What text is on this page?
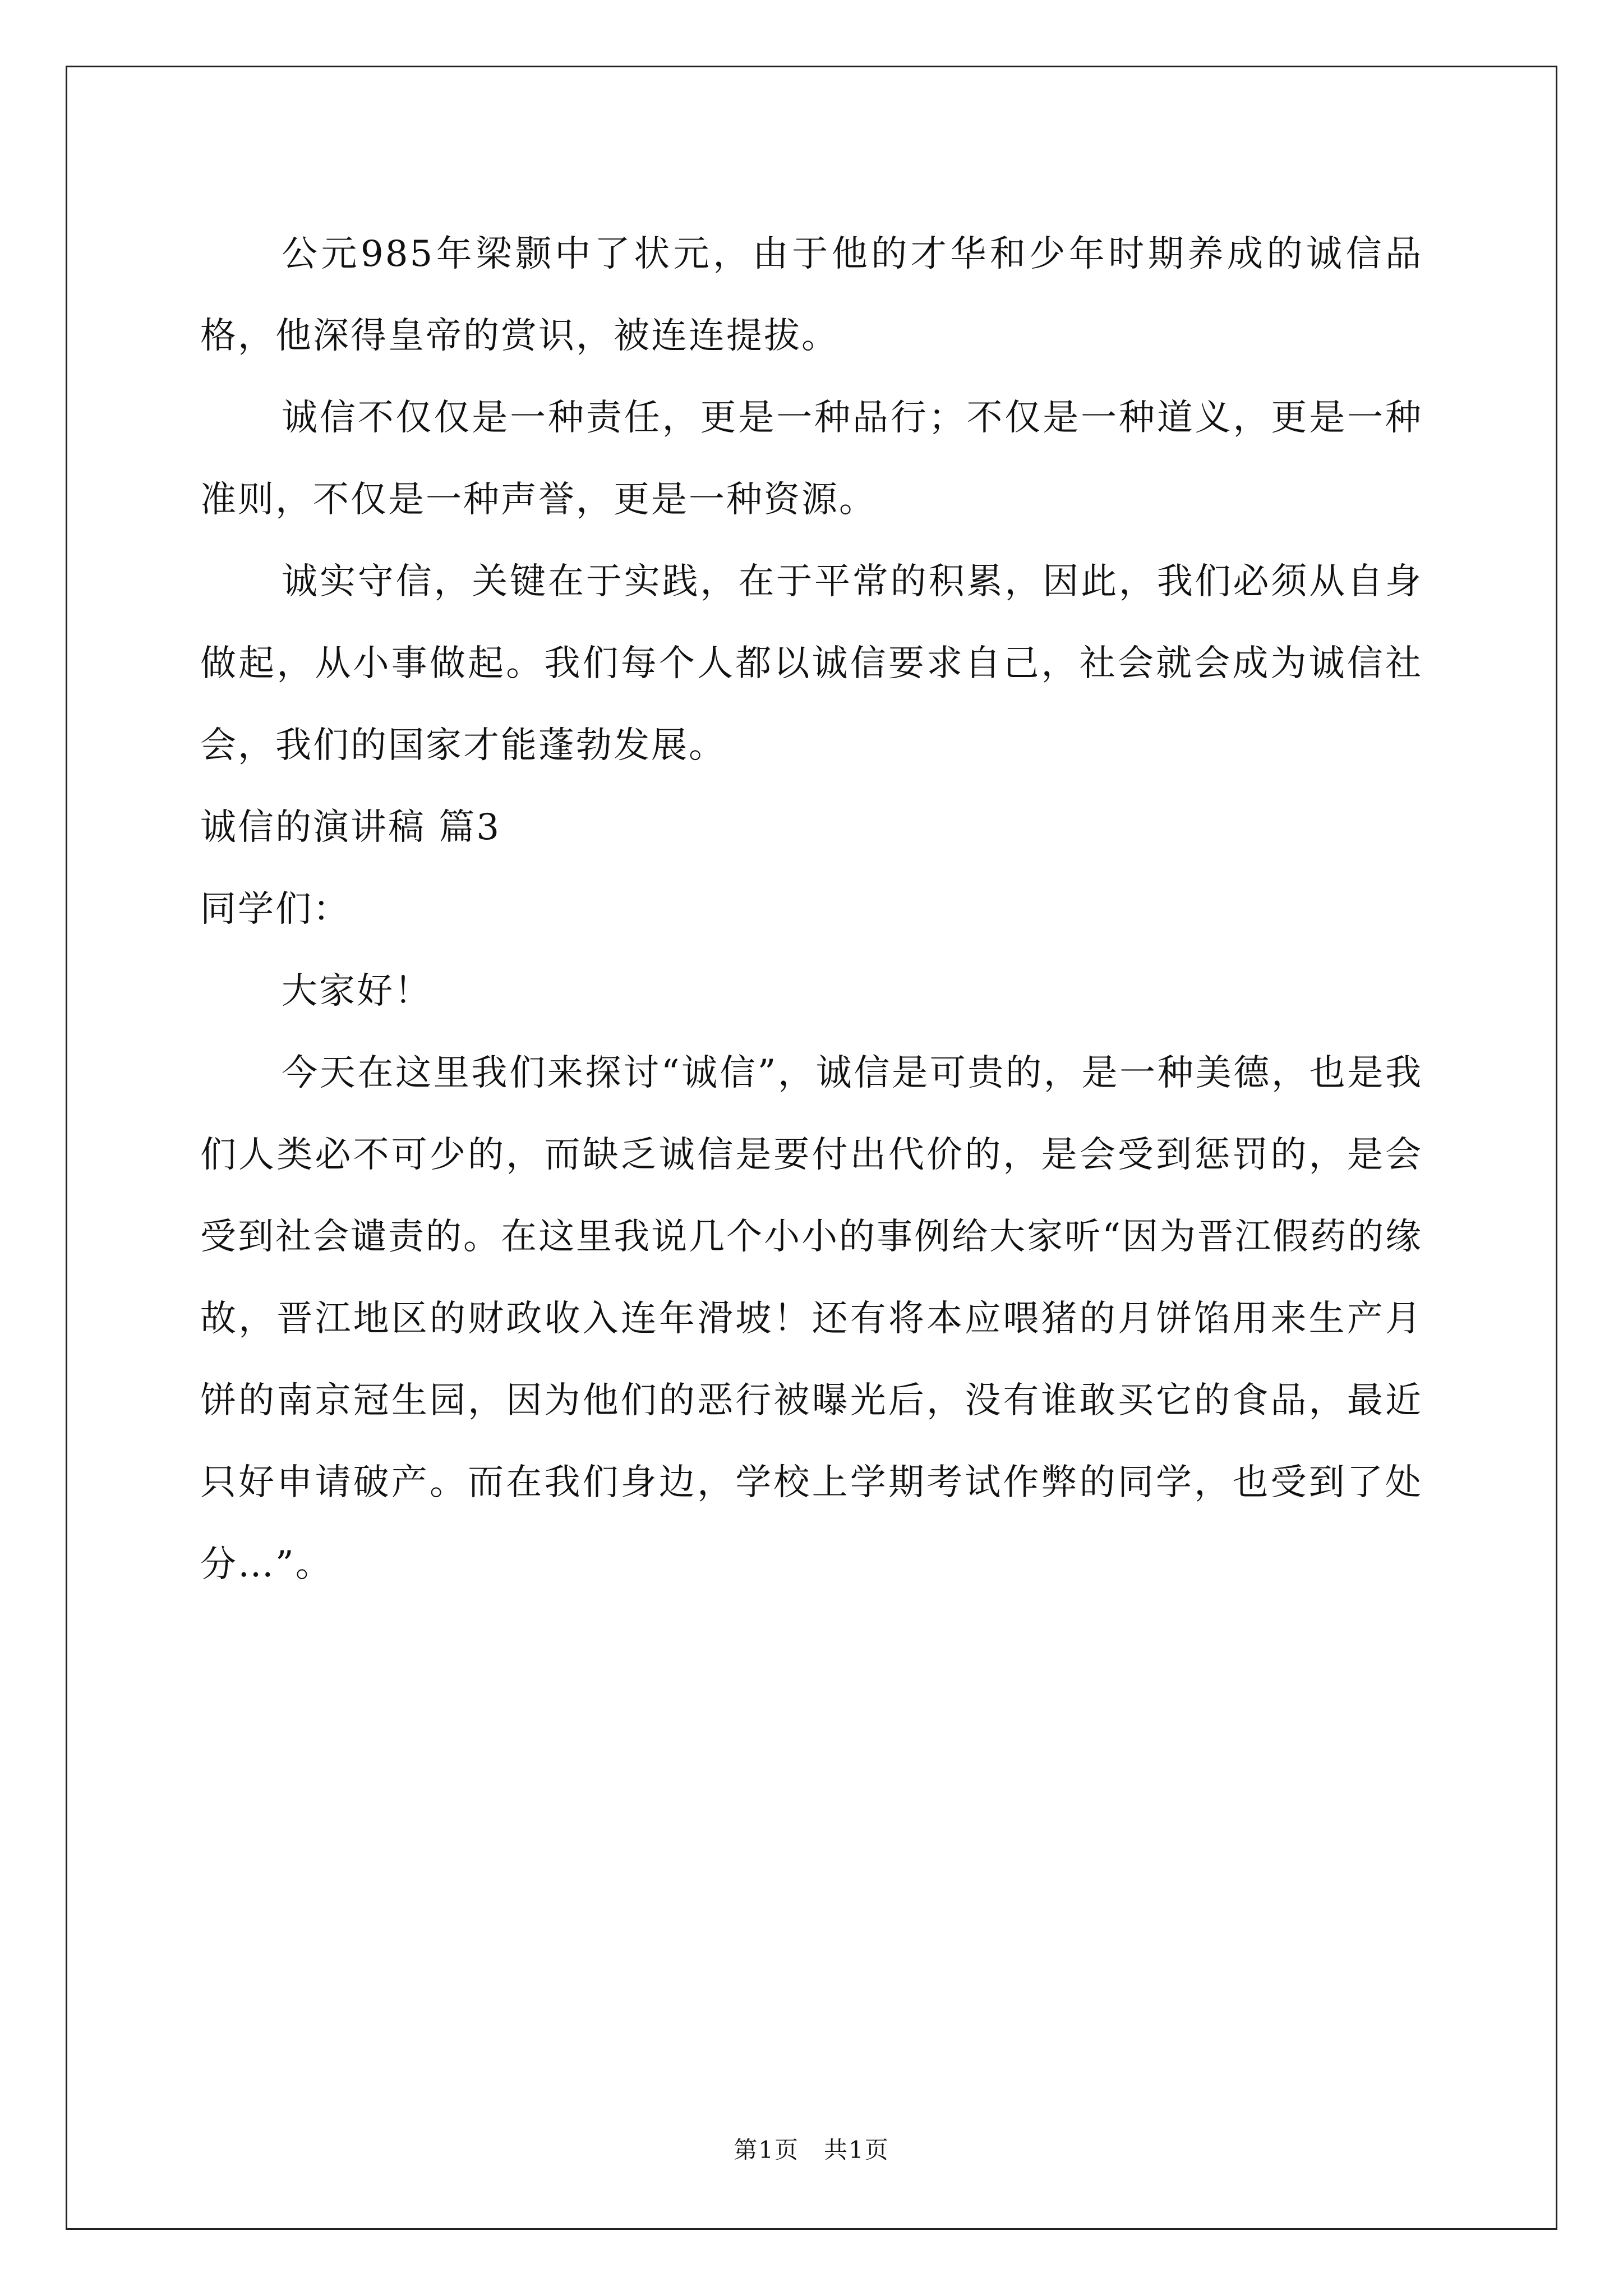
公元985年梁颢中了状元，由于他的才华和少年时期养成的诚信品格，他深得皇帝的赏识，被连连提拔。

诚信不仅仅是一种责任，更是一种品行；不仅是一种道义，更是一种准则，不仅是一种声誉，更是一种资源。

诚实守信，关键在于实践，在于平常的积累，因此，我们必须从自身做起，从小事做起。我们每个人都以诚信要求自己，社会就会成为诚信社会，我们的国家才能蓬勃发展。

诚信的演讲稿 篇3
同学们：

大家好！

今天在这里我们来探讨“诚信”，诚信是可贵的，是一种美德，也是我们人类必不可少的，而缺乏诚信是要付出代价的，是会受到惩罚的，是会受到社会谴责的。在这里我说几个小小的事例给大家听“因为晋江假药的缘故，晋江地区的财政收入连年滑坡！还有将本应喂猪的月饼馅用来生产月饼的南京冠生园，因为他们的恶行被曝光后，没有谁敢买它的食品，最近只好申请破产。而在我们身边，学校上学期考试作弊的同学，也受到了处分…”。

第1页　共1页
